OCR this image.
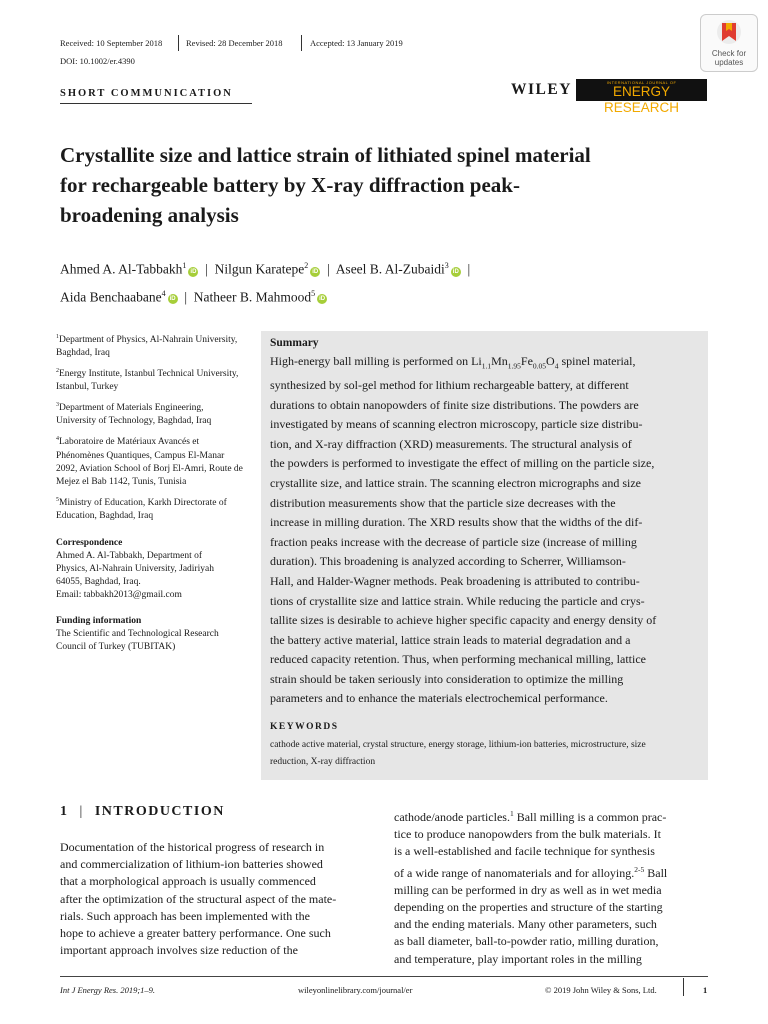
Received: 10 September 2018	Revised: 28 December 2018	Accepted: 13 January 2019
DOI: 10.1002/er.4390
Check for
updates
SHORT COMMUNICATION	WILEY	INTERNATIONAL JOURNAL OF
ENERGY RESEARCH
Crystallite size and lattice strain of lithiated spinel material
for rechargeable battery by X-ray diffraction peak-
broadening analysis
Ahmed A. Al-Tabbakh$^1$iD | Nilgun Karatepe$^2$iD | Aseel B. Al-Zubaidi$^3$iD |
Aida Benchaabane$^4$iD | Natheer B. Mahmood$^5$iD

$^1$Department of Physics, Al-Nahrain University, Baghdad, Iraq

$^2$Energy Institute, Istanbul Technical University, Istanbul, Turkey

$^3$Department of Materials Engineering, University of Technology, Baghdad, Iraq

$^4$Laboratoire de Matériaux Avancés et Phénomènes Quantiques, Campus El-Manar 2092, Aviation School of Borj El-Amri, Route de Mejez el Bab 1142, Tunis, Tunisia

$^5$Ministry of Education, Karkh Directorate of Education, Baghdad, Iraq

Correspondence
Ahmed A. Al-Tabbakh, Department of
Physics, Al-Nahrain University, Jadiriyah
64055, Baghdad, Iraq.
Email: tabbakh2013@gmail.com
Funding information
The Scientific and Technological Research
Council of Turkey (TUBITAK)
Summary
High-energy ball milling is performed on $Li_{1.1}Mn_{1.95}Fe_{0.05}O_4$ spinel material,
synthesized by sol-gel method for lithium rechargeable battery, at different
durations to obtain nanopowders of finite size distributions. The powders are
investigated by means of scanning electron microscopy, particle size distribu-
tion, and X-ray diffraction (XRD) measurements. The structural analysis of
the powders is performed to investigate the effect of milling on the particle size,
crystallite size, and lattice strain. The scanning electron micrographs and size
distribution measurements show that the particle size decreases with the
increase in milling duration. The XRD results show that the widths of the dif-
fraction peaks increase with the decrease of particle size (increase of milling
duration). This broadening is analyzed according to Scherrer, Williamson-
Hall, and Halder-Wagner methods. Peak broadening is attributed to contribu-
tions of crystallite size and lattice strain. While reducing the particle and crys-
tallite sizes is desirable to achieve higher specific capacity and energy density of
the battery active material, lattice strain leads to material degradation and a
reduced capacity retention. Thus, when performing mechanical milling, lattice
strain should be taken seriously into consideration to optimize the milling
parameters and to enhance the materials electrochemical performance.
KEYWORDS
cathode active material, crystal structure, energy storage, lithium-ion batteries, microstructure, size
reduction, X-ray diffraction
1 | INTRODUCTION
Documentation of the historical progress of research in
and commercialization of lithium-ion batteries showed
that a morphological approach is usually commenced
after the optimization of the structural aspect of the mate-
rials. Such approach has been implemented with the
hope to achieve a greater battery performance. One such
important approach involves size reduction of the
cathode/anode particles.$^1$ Ball milling is a common prac-
tice to produce nanopowders from the bulk materials. It
is a well-established and facile technique for synthesis
of a wide range of nanomaterials and for alloying.$^{2-5}$ Ball
milling can be performed in dry as well as in wet media
depending on the properties and structure of the starting
and the ending materials. Many other parameters, such
as ball diameter, ball-to-powder ratio, milling duration,
and temperature, play important roles in the milling
Int J Energy Res. 2019;1–9.	wileyonlinelibrary.com/journal/er	© 2019 John Wiley & Sons, Ltd.	1
